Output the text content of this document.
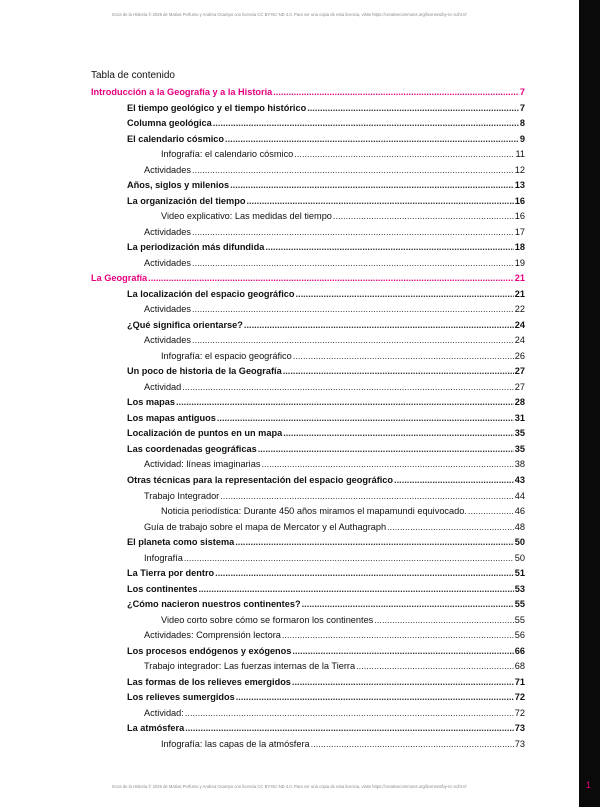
Ecos de la Historia © 2026 de Matías Perfumo y Andrea Ocampo con licencia CC BY-NC-ND 4.0. Para ver una copia de esta licencia, visite https://creativecommons.org/licenses/by-nc-nd/4.0/
Tabla de contenido
Introducción a la Geografía y a la Historia .....	7
El tiempo geológico y el tiempo histórico .....	7
Columna geológica .....	8
El calendario cósmico .....	9
Infografía: el calendario cósmico .....	11
Actividades .....	12
Años, siglos y milenios .....	13
La organización del tiempo .....	16
Video explicativo: Las medidas del tiempo .....	16
Actividades .....	17
La periodización más difundida .....	18
Actividades .....	19
La Geografía .....	21
La localización del espacio geográfico .....	21
Actividades .....	22
¿Qué significa orientarse? .....	24
Actividades .....	24
Infografía: el espacio geográfico .....	26
Un poco de historia de la Geografía .....	27
Actividad .....	27
Los mapas .....	28
Los mapas antiguos .....	31
Localización de puntos en un mapa .....	35
Las coordenadas geográficas .....	35
Actividad: líneas imaginarias .....	38
Otras técnicas para la representación del espacio geográfico .....	43
Trabajo Integrador .....	44
Noticia periodística: Durante 450 años miramos el mapamundi equivocado. .....	46
Guía de trabajo sobre el mapa de Mercator y el Authagraph .....	48
El planeta como sistema .....	50
Infografía .....	50
La Tierra por dentro .....	51
Los continentes .....	53
¿Cómo nacieron nuestros continentes? .....	55
Video corto sobre cómo se formaron los continentes .....	55
Actividades: Comprensión lectora .....	56
Los procesos endógenos y exógenos .....	66
Trabajo integrador: Las fuerzas internas de la Tierra .....	68
Las formas de los relieves emergidos .....	71
Los relieves sumergidos .....	72
Actividad: .....	72
La atmósfera .....	73
Infografía: las capas de la atmósfera .....	73
Ecos de la Historia © 2026 de Matías Perfumo y Andrea Ocampo con licencia CC BY-NC-ND 4.0. Para ver una copia de esta licencia, visite https://creativecommons.org/licenses/by-nc-nd/4.0/	1
